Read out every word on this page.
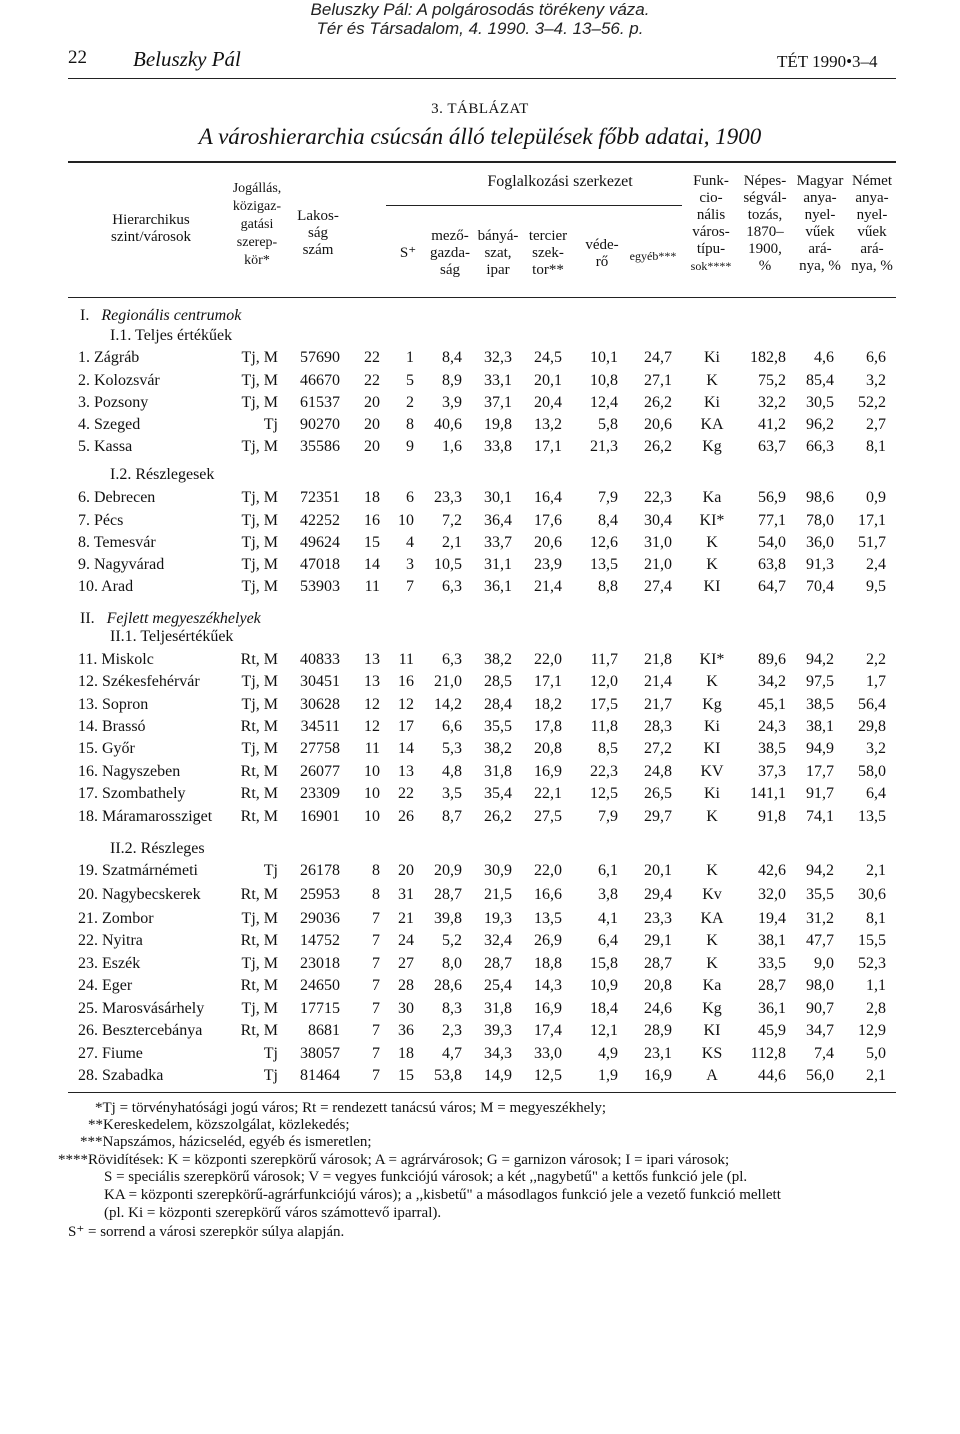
Beluszky Pál: A polgárosodás törékeny váza.
Tér és Társadalom, 4. 1990. 3–4. 13–56. p.
22 Beluszky Pál	TÉT 1990•3–4
3. TÁBLÁZAT
A városhierarchia csúcsán álló települések főbb adatai, 1900
Hierarchikus
szint/városok
Jogállás,
közigaz-
gatási
szerep-
kör*
Lakos-
ság
szám	S⁺
Foglalkozási szerkezet
mező-
gazda-
ság
bányá-
szat,
ipar
tercier
szek-
tor**
véde-
rő	egyéb***
Funk-
cio-
nális
város-
típu-
sok****
Népes-
ségvál-
tozás,
1870–
1900,
%
Magyar
anya-
nyel-
vűek
ará-
nya, %
Német
anya-
nyel-
vűek
ará-
nya, %
I. Regionális centrumok
I.1. Teljes értékűek
I.2. Részlegesek
II. Fejlett megyeszékhelyek
II.1. Teljesértékűek
II.2. Részleges
1. Zágráb	Tj, M	57690	22	1	8,4	32,3	24,5	10,1	24,7	Ki	182,8	4,6	6,6
2. Kolozsvár	Tj, M	46670	22	5	8,9	33,1	20,1	10,8	27,1	K	75,2	85,4	3,2
3. Pozsony	Tj, M	61537	20	2	3,9	37,1	20,4	12,4	26,2	Ki	32,2	30,5	52,2
4. Szeged	Tj	90270	20	8	40,6	19,8	13,2	5,8	20,6	KA	41,2	96,2	2,7
5. Kassa	Tj, M	35586	20	9	1,6	33,8	17,1	21,3	26,2	Kg	63,7	66,3	8,1
6. Debrecen	Tj, M	72351	18	6	23,3	30,1	16,4	7,9	22,3	Ka	56,9	98,6	0,9
7. Pécs	Tj, M	42252	16	10	7,2	36,4	17,6	8,4	30,4	KI*	77,1	78,0	17,1
8. Temesvár	Tj, M	49624	15	4	2,1	33,7	20,6	12,6	31,0	K	54,0	36,0	51,7
9. Nagyvárad	Tj, M	47018	14	3	10,5	31,1	23,9	13,5	21,0	K	63,8	91,3	2,4
10. Arad	Tj, M	53903	11	7	6,3	36,1	21,4	8,8	27,4	KI	64,7	70,4	9,5
11. Miskolc	Rt, M	40833	13	11	6,3	38,2	22,0	11,7	21,8	KI*	89,6	94,2	2,2
12. Székesfehérvár	Tj, M	30451	13	16	21,0	28,5	17,1	12,0	21,4	K	34,2	97,5	1,7
13. Sopron	Tj, M	30628	12	12	14,2	28,4	18,2	17,5	21,7	Kg	45,1	38,5	56,4
14. Brassó	Rt, M	34511	12	17	6,6	35,5	17,8	11,8	28,3	Ki	24,3	38,1	29,8
15. Győr	Tj, M	27758	11	14	5,3	38,2	20,8	8,5	27,2	KI	38,5	94,9	3,2
16. Nagyszeben	Rt, M	26077	10	13	4,8	31,8	16,9	22,3	24,8	KV	37,3	17,7	58,0
17. Szombathely	Rt, M	23309	10	22	3,5	35,4	22,1	12,5	26,5	Ki	141,1	91,7	6,4
18. Máramarossziget	Rt, M	16901	10	26	8,7	26,2	27,5	7,9	29,7	K	91,8	74,1	13,5
19. Szatmárnémeti	Tj	26178	8	20	20,9	30,9	22,0	6,1	20,1	K	42,6	94,2	2,1
20. Nagybecskerek	Rt, M	25953	8	31	28,7	21,5	16,6	3,8	29,4	Kv	32,0	35,5	30,6
21. Zombor	Tj, M	29036	7	21	39,8	19,3	13,5	4,1	23,3	KA	19,4	31,2	8,1
22. Nyitra	Rt, M	14752	7	24	5,2	32,4	26,9	6,4	29,1	K	38,1	47,7	15,5
23. Eszék	Tj, M	23018	7	27	8,0	28,7	18,8	15,8	28,7	K	33,5	9,0	52,3
24. Eger	Rt, M	24650	7	28	28,6	25,4	14,3	10,9	20,8	Ka	28,7	98,0	1,1
25. Marosvásárhely	Tj, M	17715	7	30	8,3	31,8	16,9	18,4	24,6	Kg	36,1	90,7	2,8
26. Besztercebánya	Rt, M	8681	7	36	2,3	39,3	17,4	12,1	28,9	KI	45,9	34,7	12,9
27. Fiume	Tj	38057	7	18	4,7	34,3	33,0	4,9	23,1	KS	112,8	7,4	5,0
28. Szabadka	Tj	81464	7	15	53,8	14,9	12,5	1,9	16,9	A	44,6	56,0	2,1
*Tj = törvényhatósági jogú város; Rt = rendezett tanácsú város; M = megyeszékhely;
**Kereskedelem, közszolgálat, közlekedés;
***Napszámos, házicseléd, egyéb és ismeretlen;
****Rövidítések: K = központi szerepkörű városok; A = agrárvárosok; G = garnizon városok; I = ipari városok;
S = speciális szerepkörű városok; V = vegyes funkciójú városok; a két ,,nagybetű" a kettős funkció jele (pl.
KA = központi szerepkörű-agrárfunkciójú város); a ,,kisbetű" a másodlagos funkció jele a vezető funkció mellett
(pl. Ki = központi szerepkörű város számottevő iparral).
S⁺ = sorrend a városi szerepkör súlya alapján.
